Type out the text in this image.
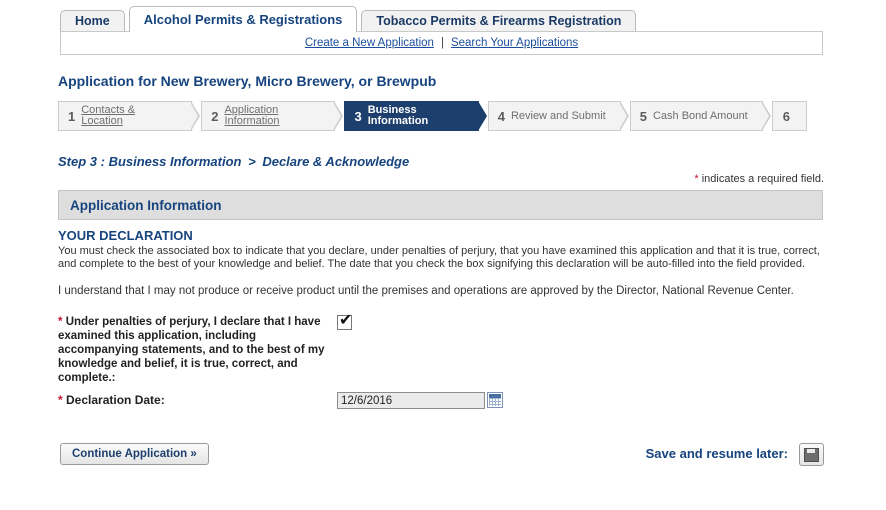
Home	Alcohol Permits & Registrations	Tobacco Permits & Firearms Registration
Create a New Application | Search Your Applications
Application for New Brewery, Micro Brewery, or Brewpub
1 Contacts & Location	2 Application Information	3 Business Information	4 Review and Submit	5 Cash Bond Amount	6
Step 3 : Business Information > Declare & Acknowledge
* indicates a required field.
Application Information
YOUR DECLARATION
You must check the associated box to indicate that you declare, under penalties of perjury, that you have examined this application and that it is true, correct, and complete to the best of your knowledge and belief. The date that you check the box signifying this declaration will be auto-filled into the field provided.
I understand that I may not produce or receive product until the premises and operations are approved by the Director, National Revenue Center.
* Under penalties of perjury, I declare that I have examined this application, including accompanying statements, and to the best of my knowledge and belief, it is true, correct, and complete.:
✔
* Declaration Date:
12/6/2016
Continue Application »	Save and resume later:
